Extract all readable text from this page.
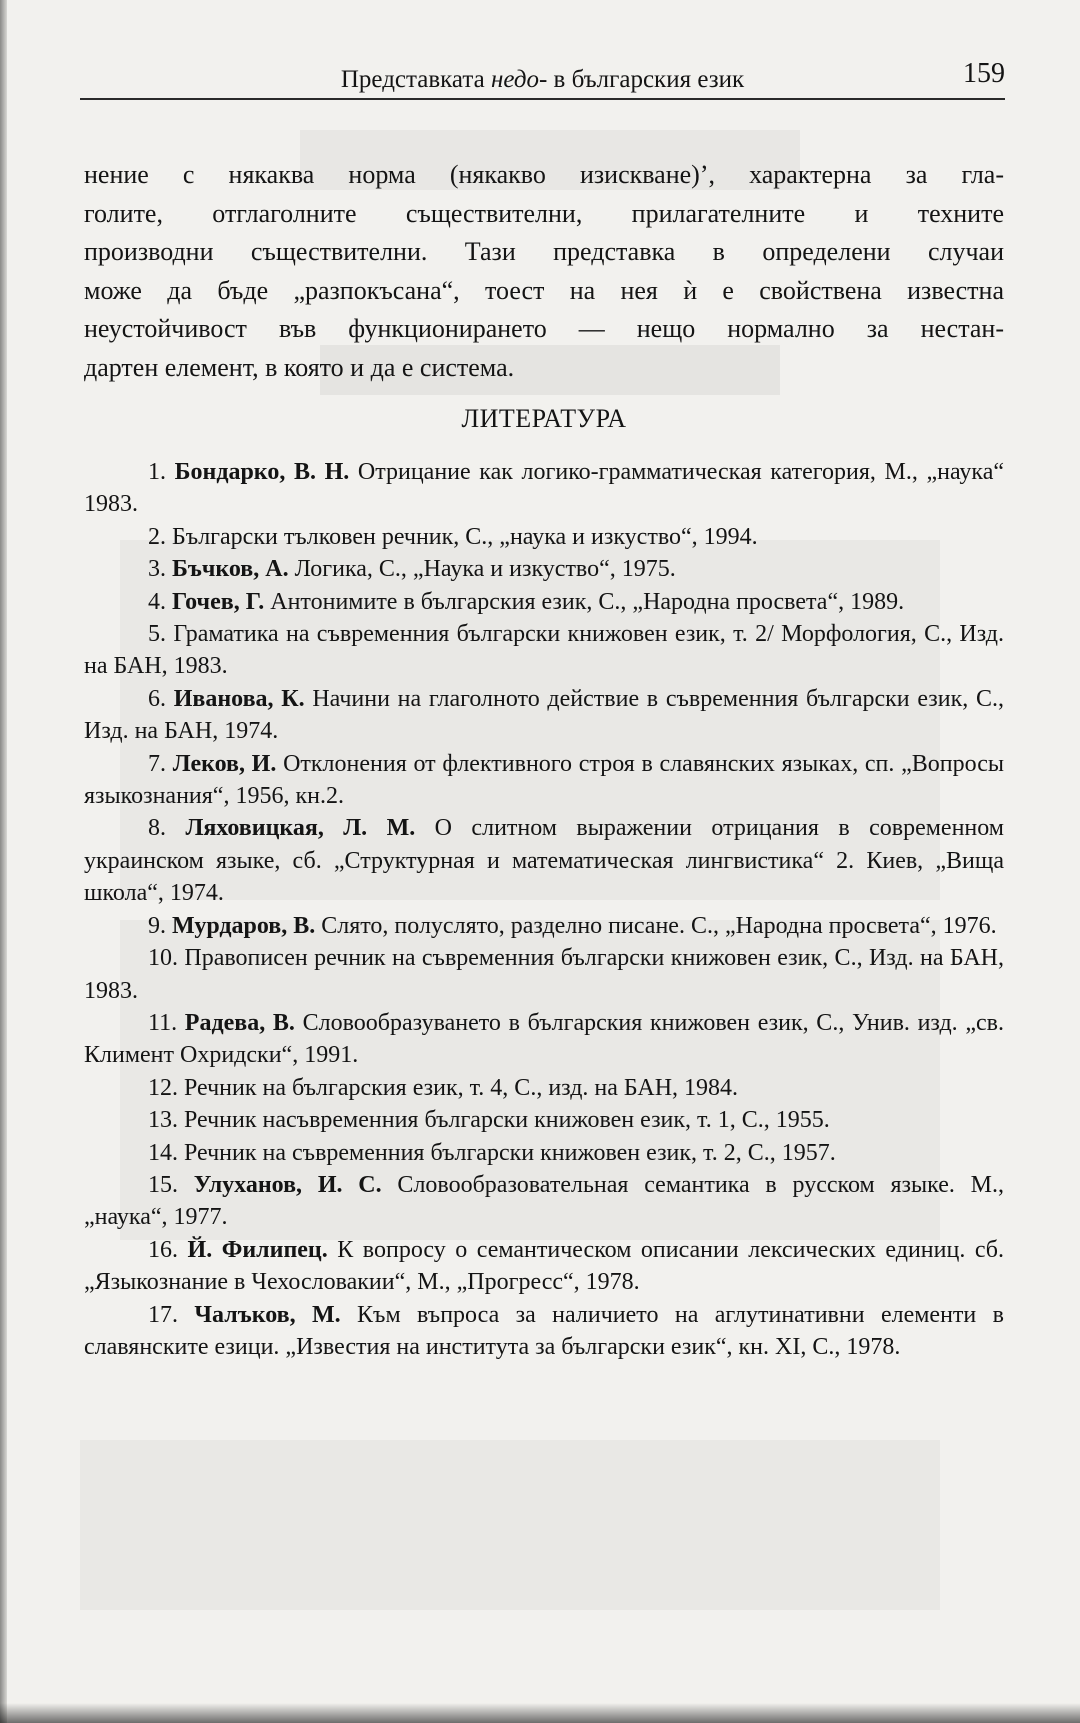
Представката недо- в българския език	159
нение с някаква норма (някакво изискване)’, характерна за гла-
голите, отглаголните съществителни, прилагателните и техните
производни съществителни. Тази представка в определени случаи
може да бъде „разпокъсана“, тоест на нея ѝ е свойствена известна
неустойчивост във функционирането — нещо нормално за нестан-
дартен елемент, в която и да е система.
ЛИТЕРАТУРА

1. Бондарко, В. Н. Отрицание как логико-грамматическая категория, М., „наука“ 1983.

2. Български тълковен речник, С., „наука и изкуство“, 1994.

3. Бъчков, А. Логика, С., „Наука и изкуство“, 1975.

4. Гочев, Г. Антонимите в българския език, С., „Народна просвета“, 1989.

5. Граматика на съвременния български книжовен език, т. 2/ Морфология, С., Изд. на БАН, 1983.

6. Иванова, К. Начини на глаголното действие в съвременния български език, С., Изд. на БАН, 1974.

7. Леков, И. Отклонения от флективного строя в славянских языках, сп. „Вопросы языкознания“, 1956, кн.2.

8. Ляховицкая, Л. М. О слитном выражении отрицания в современном украинском языке, сб. „Структурная и математическая лингвистика“ 2. Киев, „Вища школа“, 1974.

9. Мурдаров, В. Слято, полуслято, разделно писане. С., „Народна просвета“, 1976.

10. Правописен речник на съвременния български книжовен език, С., Изд. на БАН, 1983.

11. Радева, В. Словообразуването в българския книжовен език, С., Унив. изд. „св. Климент Охридски“, 1991.

12. Речник на българския език, т. 4, С., изд. на БАН, 1984.

13. Речник насъвременния български книжовен език, т. 1, С., 1955.

14. Речник на съвременния български книжовен език, т. 2, С., 1957.

15. Улуханов, И. С. Словообразовательная семантика в русском языке. М., „наука“, 1977.

16. Й. Филипец. К вопросу о семантическом описании лексических единиц. сб. „Языкознание в Чехословакии“, М., „Прогресс“, 1978.

17. Чалъков, М. Към въпроса за наличието на аглутинативни елементи в славянските езици. „Известия на института за български език“, кн. XI, С., 1978.
